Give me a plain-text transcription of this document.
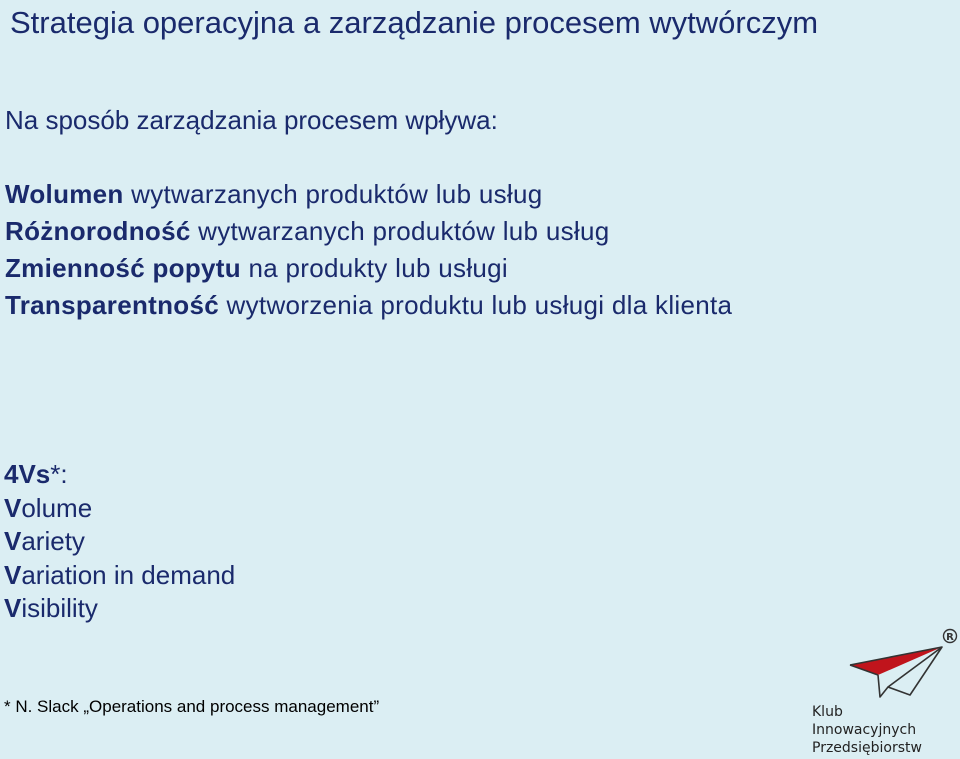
Strategia operacyjna a zarządzanie procesem wytwórczym
Na sposób zarządzania procesem wpływa:
Wolumen wytwarzanych produktów lub usług
Różnorodność wytwarzanych produktów lub usług
Zmienność popytu na produkty lub usługi
Transparentność wytworzenia produktu lub usługi dla klienta
4Vs*:
Volume
Variety
Variation in demand
Visibility
* N. Slack „Operations and process management”
R
Klub
Innowacyjnych
Przedsiębiorstw
